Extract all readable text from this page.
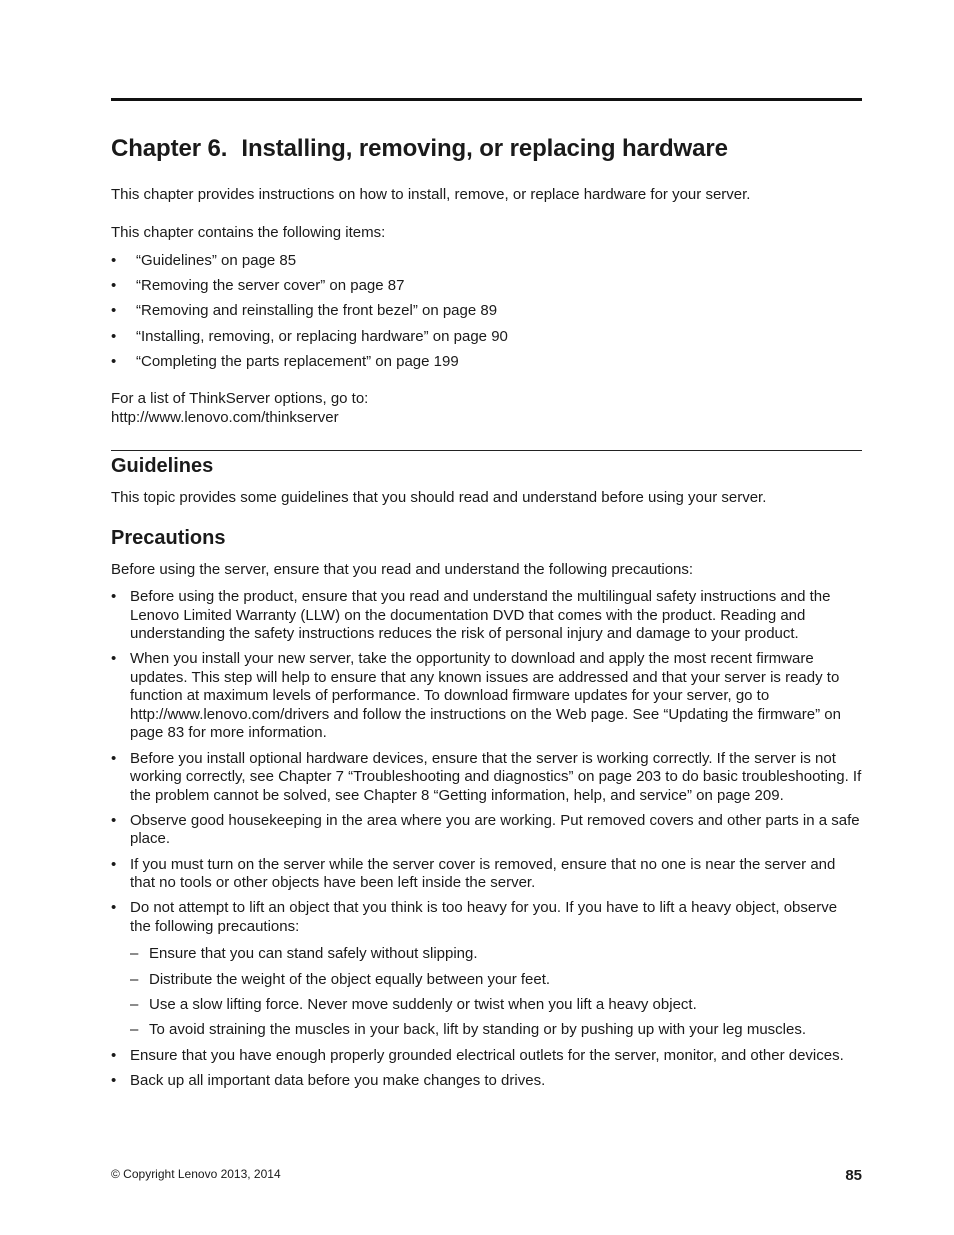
Chapter 6. Installing, removing, or replacing hardware

This chapter provides instructions on how to install, remove, or replace hardware for your server.

This chapter contains the following items:

• “Guidelines” on page 85
• “Removing the server cover” on page 87
• “Removing and reinstalling the front bezel” on page 89
• “Installing, removing, or replacing hardware” on page 90
• “Completing the parts replacement” on page 199

For a list of ThinkServer options, go to:

http://www.lenovo.com/thinkserver

Guidelines

This topic provides some guidelines that you should read and understand before using your server.

Precautions

Before using the server, ensure that you read and understand the following precautions:

• Before using the product, ensure that you read and understand the multilingual safety instructions and the Lenovo Limited Warranty (LLW) on the documentation DVD that comes with the product. Reading and understanding the safety instructions reduces the risk of personal injury and damage to your product.
• When you install your new server, take the opportunity to download and apply the most recent firmware updates. This step will help to ensure that any known issues are addressed and that your server is ready to function at maximum levels of performance. To download firmware updates for your server, go to http://www.lenovo.com/drivers and follow the instructions on the Web page. See “Updating the firmware” on page 83 for more information.
• Before you install optional hardware devices, ensure that the server is working correctly. If the server is not working correctly, see Chapter 7 “Troubleshooting and diagnostics” on page 203 to do basic troubleshooting. If the problem cannot be solved, see Chapter 8 “Getting information, help, and service” on page 209.
• Observe good housekeeping in the area where you are working. Put removed covers and other parts in a safe place.
• If you must turn on the server while the server cover is removed, ensure that no one is near the server and that no tools or other objects have been left inside the server.
• Do not attempt to lift an object that you think is too heavy for you. If you have to lift a heavy object, observe the following precautions:
– Ensure that you can stand safely without slipping.
– Distribute the weight of the object equally between your feet.
– Use a slow lifting force. Never move suddenly or twist when you lift a heavy object.
– To avoid straining the muscles in your back, lift by standing or by pushing up with your leg muscles.
• Ensure that you have enough properly grounded electrical outlets for the server, monitor, and other devices.
• Back up all important data before you make changes to drives.

© Copyright Lenovo 2013, 2014	85
